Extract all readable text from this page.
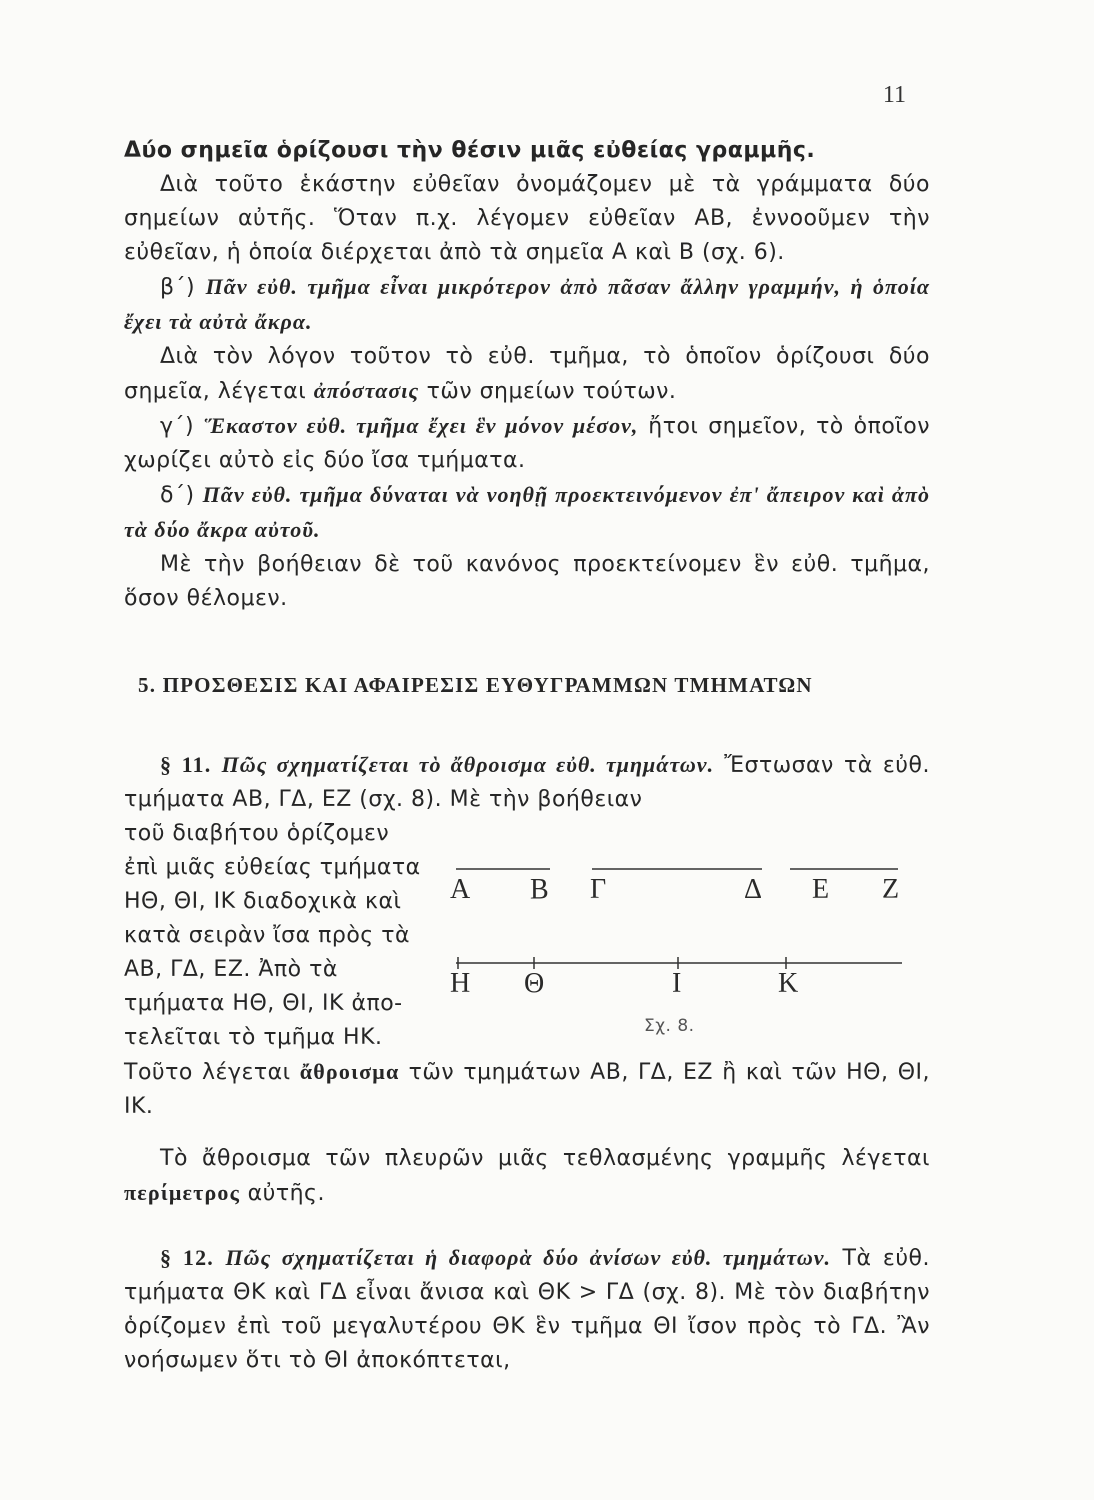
11

Δύο σημεῖα ὁρίζουσι τὴν θέσιν μιᾶς εὐθείας γραμμῆς.

Διὰ τοῦτο ἑκάστην εὐθεῖαν ὀνομάζομεν μὲ τὰ γράμματα δύο σημείων αὐτῆς. Ὅταν π.χ. λέγομεν εὐθεῖαν ΑΒ, ἐννοοῦμεν τὴν εὐθεῖαν, ἡ ὁποία διέρχεται ἀπὸ τὰ σημεῖα Α καὶ Β (σχ. 6).

β΄) Πᾶν εὐθ. τμῆμα εἶναι μικρότερον ἀπὸ πᾶσαν ἄλλην γραμμήν, ἡ ὁποία ἔχει τὰ αὐτὰ ἄκρα.

Διὰ τὸν λόγον τοῦτον τὸ εὐθ. τμῆμα, τὸ ὁποῖον ὁρίζουσι δύο σημεῖα, λέγεται ἀπόστασις τῶν σημείων τούτων.

γ΄) Ἕκαστον εὐθ. τμῆμα ἔχει ἓν μόνον μέσον, ἤτοι σημεῖον, τὸ ὁποῖον χωρίζει αὐτὸ εἰς δύο ἴσα τμήματα.

δ΄) Πᾶν εὐθ. τμῆμα δύναται νὰ νοηθῇ προεκτεινόμενον ἐπ' ἄπειρον καὶ ἀπὸ τὰ δύο ἄκρα αὐτοῦ.

Μὲ τὴν βοήθειαν δὲ τοῦ κανόνος προεκτείνομεν ἓν εὐθ. τμῆμα, ὅσον θέλομεν.

5. ΠΡΟΣΘΕΣΙΣ ΚΑΙ ΑΦΑΙΡΕΣΙΣ ΕΥΘΥΓΡΑΜΜΩΝ ΤΜΗΜΑΤΩΝ

§ 11. Πῶς σχηματίζεται τὸ ἄθροισμα εὐθ. τμημάτων. Ἔστωσαν τὰ εὐθ. τμήματα ΑΒ, ΓΔ, ΕΖ (σχ. 8). Μὲ τὴν βοήθειαν

τοῦ διαβήτου ὁρίζομεν

ἐπὶ μιᾶς εὐθείας τμήματα

ΗΘ, ΘΙ, ΙΚ διαδοχικὰ καὶ

κατὰ σειρὰν ἴσα πρὸς τὰ

ΑΒ, ΓΔ, ΕΖ. Ἀπὸ τὰ

τμήματα ΗΘ, ΘΙ, ΙΚ ἀπο-

τελεῖται τὸ τμῆμα ΗΚ.

Α Β Γ	Δ Ε Ζ
Η Θ	Ι	Κ
Σχ. 8.

Τοῦτο λέγεται ἄθροισμα τῶν τμημάτων ΑΒ, ΓΔ, ΕΖ ἢ καὶ τῶν ΗΘ, ΘΙ, ΙΚ.

Τὸ ἄθροισμα τῶν πλευρῶν μιᾶς τεθλασμένης γραμμῆς λέγεται περίμετρος αὐτῆς.

§ 12. Πῶς σχηματίζεται ἡ διαφορὰ δύο ἀνίσων εὐθ. τμημάτων. Τὰ εὐθ. τμήματα ΘΚ καὶ ΓΔ εἶναι ἄνισα καὶ ΘΚ > ΓΔ (σχ. 8). Μὲ τὸν διαβήτην ὁρίζομεν ἐπὶ τοῦ μεγαλυτέρου ΘΚ ἓν τμῆμα ΘΙ ἴσον πρὸς τὸ ΓΔ. Ἂν νοήσωμεν ὅτι τὸ ΘΙ ἀποκόπτεται,
